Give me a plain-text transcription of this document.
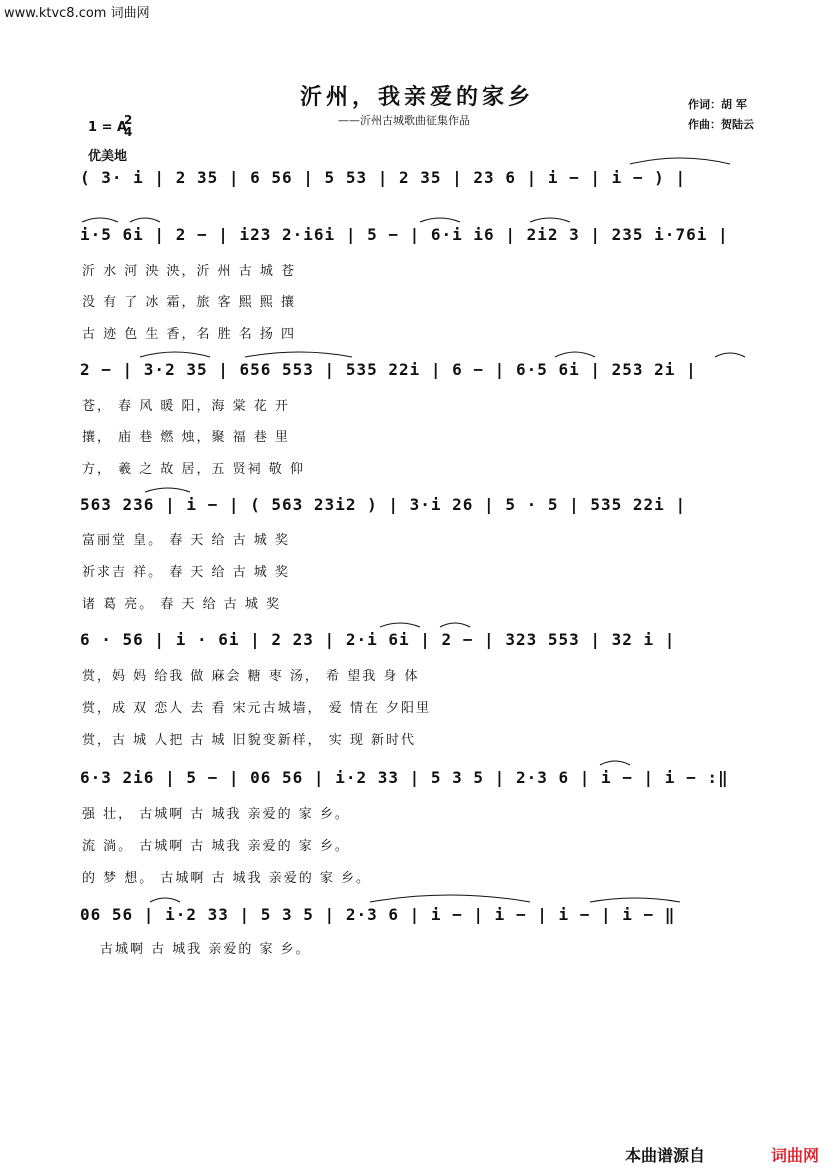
www.ktvc8.com 词曲网
沂州，我亲爱的家乡
——沂州古城歌曲征集作品
作词：胡 军
作曲：贺陆云
1 = A
2
4
优美地
( 3· i | 2 35 | 6 56 | 5 53 | 2 35 | 23 6 | i − | i − ) |
i·5 6i | 2 − | i23 2·i6i | 5 − | 6·i i6 | 2i2 3 | 235 i·76i |
2 − | 3·2 35 | 656 553 | 535 22i | 6 − | 6·5 6i | 253 2i |
563 236 | i − | ( 563 23i2 ) | 3·i 26 | 5 · 5 | 535 22i |
6 · 56 | i · 6i | 2 23 | 2·i 6i | 2 − | 323 553 | 32 i |
6·3 2i6 | 5 − | 06 56 | i·2 33 | 5 3 5 | 2·3 6 | i − | i − :‖
06 56 | i·2 33 | 5 3 5 | 2·3 6 | i − | i − | i − | i − ‖
沂 水 河 泱 泱，沂 州 古 城 苍
没 有 了 冰 霜，旅 客 熙 熙 攘
古 迹 色 生 香，名 胜 名 扬 四
苍， 春 风 暖 阳，海 棠 花 开
攘， 庙 巷 燃 烛，聚 福 巷 里
方， 羲 之 故 居，五 贤祠 敬 仰
富丽堂 皇。 春 天 给 古 城 奖
祈求吉 祥。 春 天 给 古 城 奖
诸 葛 亮。 春 天 给 古 城 奖
赏，妈 妈 给我 做 麻会 糖 枣 汤， 希 望我 身 体
赏，成 双 恋人 去 看 宋元古城墙， 爱 情在 夕阳里
赏，古 城 人把 古 城 旧貌变新样， 实 现 新时代
强 壮， 古城啊 古 城我 亲爱的 家 乡。
流 淌。 古城啊 古 城我 亲爱的 家 乡。
的 梦 想。 古城啊 古 城我 亲爱的 家 乡。
古城啊 古 城我 亲爱的 家 乡。
本曲谱源自	词曲网
